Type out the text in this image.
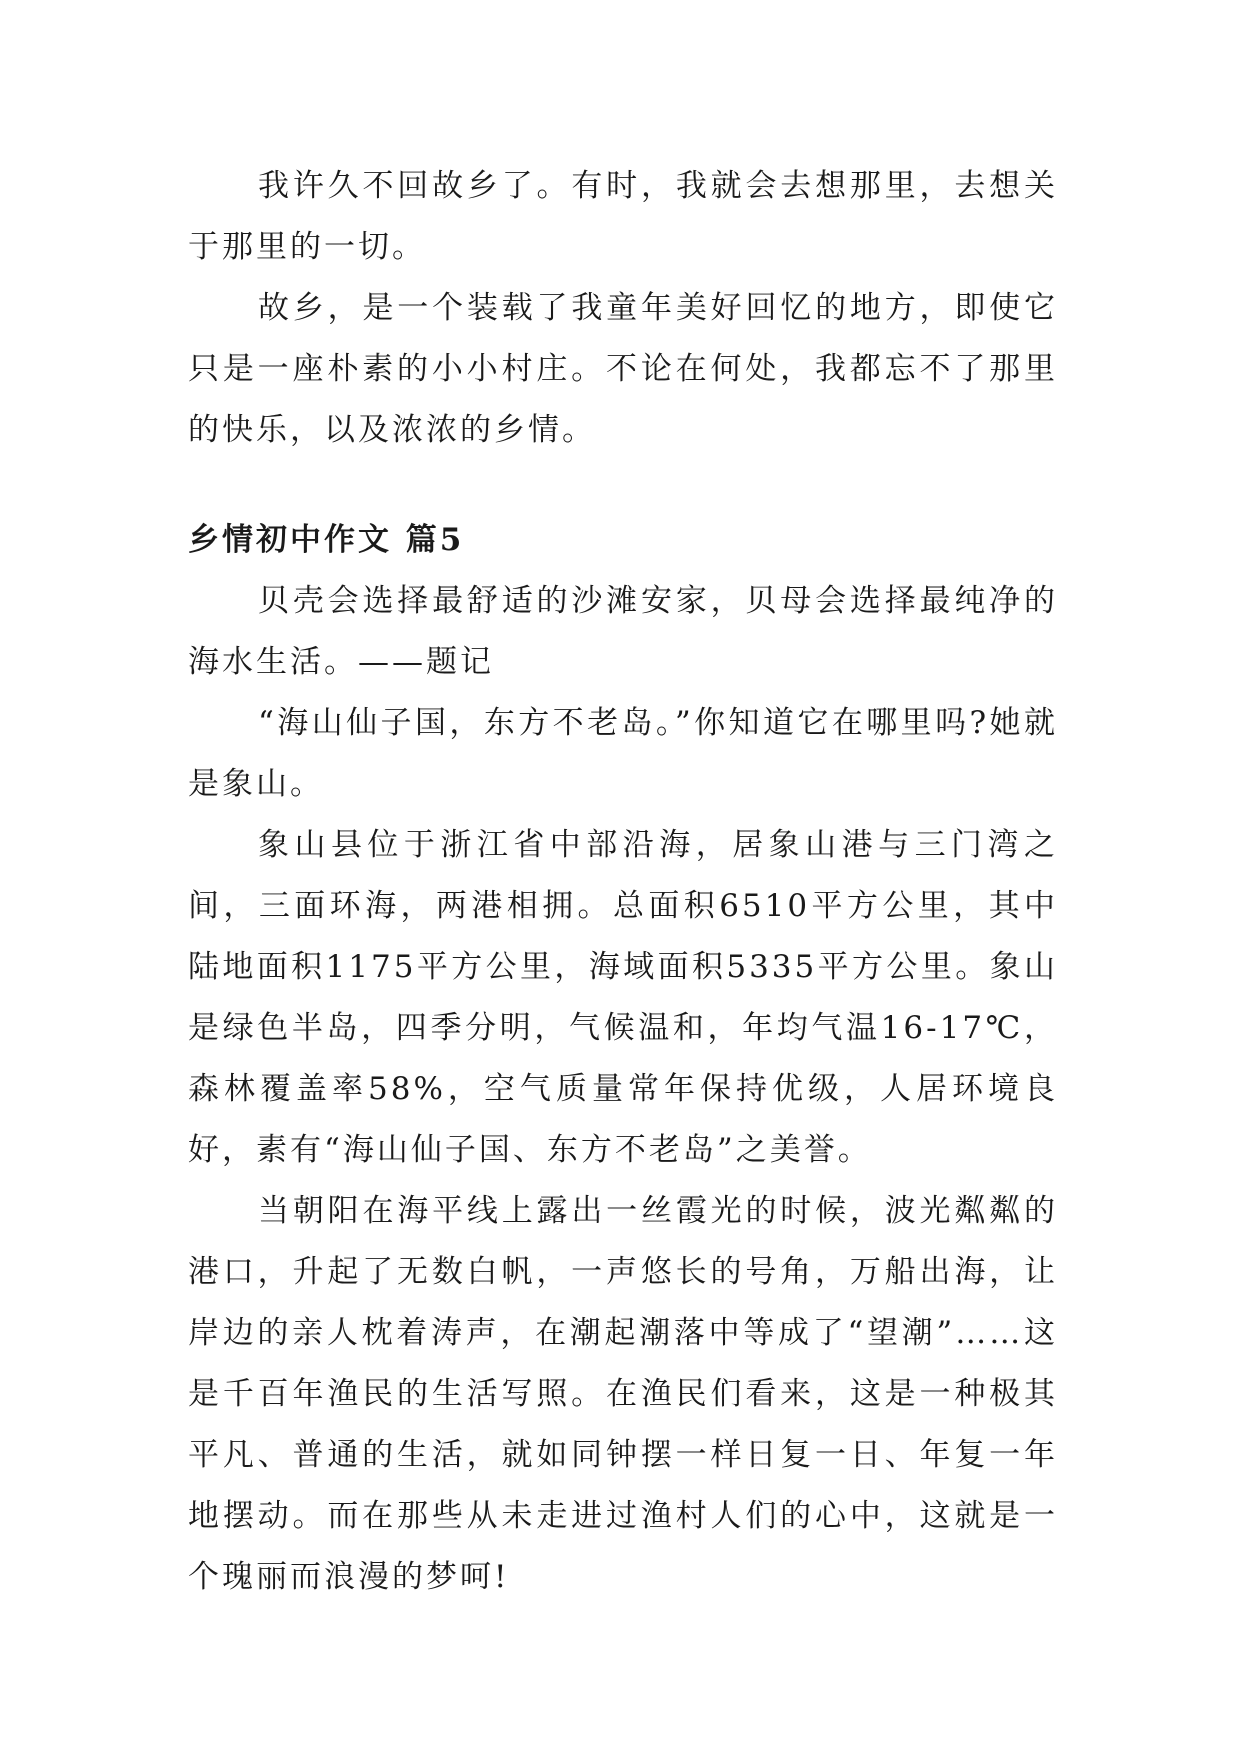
我许久不回故乡了。有时，我就会去想那里，去想关于那里的一切。

故乡，是一个装载了我童年美好回忆的地方，即使它只是一座朴素的小小村庄。不论在何处，我都忘不了那里的快乐，以及浓浓的乡情。

乡情初中作文 篇5

贝壳会选择最舒适的沙滩安家，贝母会选择最纯净的海水生活。——题记

“海山仙子国，东方不老岛。”你知道它在哪里吗?她就是象山。

象山县位于浙江省中部沿海，居象山港与三门湾之间，三面环海，两港相拥。总面积6510平方公里，其中陆地面积1175平方公里，海域面积5335平方公里。象山是绿色半岛，四季分明，气候温和，年均气温16-17℃，森林覆盖率58%，空气质量常年保持优级，人居环境良好，素有“海山仙子国、东方不老岛”之美誉。

当朝阳在海平线上露出一丝霞光的时候，波光粼粼的港口，升起了无数白帆，一声悠长的号角，万船出海，让岸边的亲人枕着涛声，在潮起潮落中等成了“望潮”……这是千百年渔民的生活写照。在渔民们看来，这是一种极其平凡、普通的生活，就如同钟摆一样日复一日、年复一年地摆动。而在那些从未走进过渔村人们的心中，这就是一个瑰丽而浪漫的梦呵!
